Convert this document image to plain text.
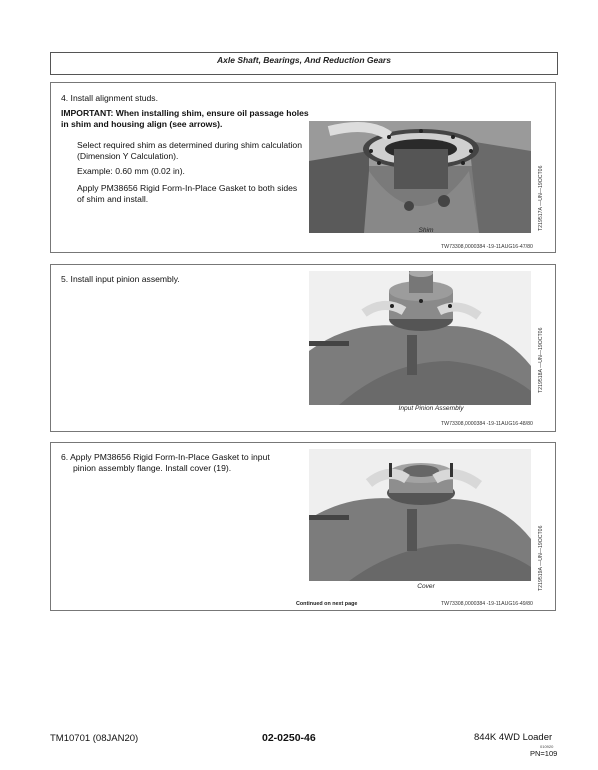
Axle Shaft, Bearings, And Reduction Gears
4. Install alignment studs.
IMPORTANT: When installing shim, ensure oil passage holes in shim and housing align (see arrows).
Select required shim as determined during shim calculation (Dimension Y Calculation).
Example: 0.60 mm (0.02 in).
Apply PM38656 Rigid Form-In-Place Gasket to both sides of shim and install.	T219517A —UN—19OCT06
Shim
TW73308,0000384 -19-11AUG16-47/80
5. Install input pinion assembly.
T219518A —UN—19OCT06
Input Pinion Assembly
TW73308,0000384 -19-11AUG16-48/80
6. Apply PM38656 Rigid Form-In-Place Gasket to input
pinion assembly flange. Install cover (19).
T219519A —UN—19OCT06
Cover
Continued on next page	TW73308,0000384 -19-11AUG16-49/80
TM10701 (08JAN20)	02-0250-46	844K 4WD Loader
010920
PN=109
